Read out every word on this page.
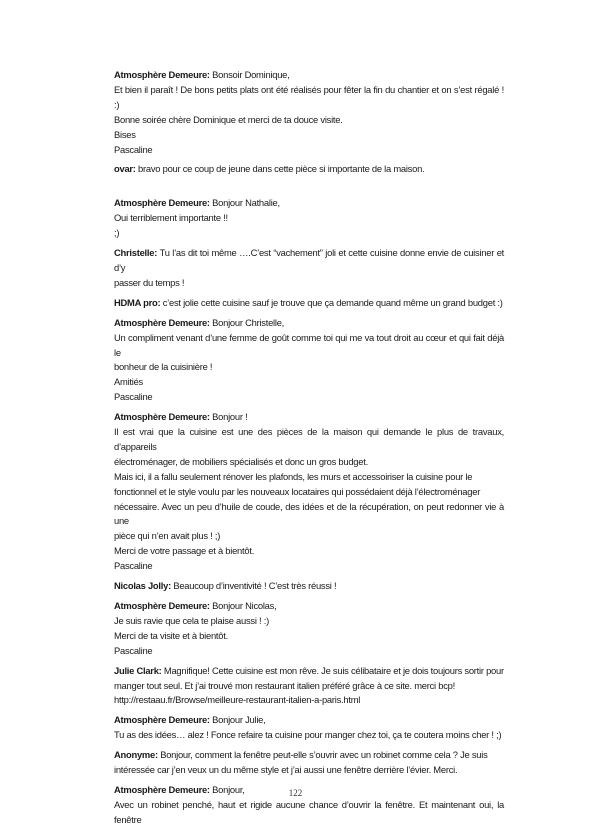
Atmosphère Demeure: Bonsoir Dominique,
Et bien il paraît ! De bons petits plats ont été réalisés pour fêter la fin du chantier et on s’est régalé ! :)
Bonne soirée chère Dominique et merci de ta douce visite.
Bises
Pascaline
ovar: bravo pour ce coup de jeune dans cette pièce si importante de la maison.
Atmosphère Demeure: Bonjour Nathalie,
Oui terriblement importante !!
;)
Christelle: Tu l’as dit toi même ….C’est “vachement” joli et cette cuisine donne envie de cuisiner et d’y
passer du temps !
HDMA pro: c’est jolie cette cuisine sauf je trouve que ça demande quand même un grand budget :)
Atmosphère Demeure: Bonjour Christelle,
Un compliment venant d’une femme de goût comme toi qui me va tout droit au cœur et qui fait déjà le
bonheur de la cuisinière !
Amitiés
Pascaline
Atmosphère Demeure: Bonjour !
Il est vrai que la cuisine est une des pièces de la maison qui demande le plus de travaux, d’appareils
électroménager, de mobiliers spécialisés et donc un gros budget.
Mais ici, il a fallu seulement rénover les plafonds, les murs et accessoiriser la cuisine pour le
fonctionnel et le style voulu par les nouveaux locataires qui possédaient déjà l’électroménager
nécessaire. Avec un peu d’huile de coude, des idées et de la récupération, on peut redonner vie à une
pièce qui n’en avait plus ! ;)
Merci de votre passage et à bientôt.
Pascaline
Nicolas Jolly: Beaucoup d’inventivité ! C’est très réussi !
Atmosphère Demeure: Bonjour Nicolas,
Je suis ravie que cela te plaise aussi ! :)
Merci de ta visite et à bientôt.
Pascaline
Julie Clark: Magnifique! Cette cuisine est mon rêve. Je suis célibataire et je dois toujours sortir pour
manger tout seul. Et j’ai trouvé mon restaurant italien préféré grâce à ce site. merci bcp!
http://restaau.fr/Browse/meilleure-restaurant-italien-a-paris.html
Atmosphère Demeure: Bonjour Julie,
Tu as des idées… alez ! Fonce refaire ta cuisine pour manger chez toi, ça te coutera moins cher ! ;)
Anonyme: Bonjour, comment la fenêtre peut-elle s’ouvrir avec un robinet comme cela ? Je suis
intéressée car j’en veux un du même style et j’ai aussi une fenêtre derrière l’évier. Merci.
Atmosphère Demeure: Bonjour,
Avec un robinet penché, haut et rigide aucune chance d’ouvrir la fenêtre. Et maintenant oui, la fenêtre
122
